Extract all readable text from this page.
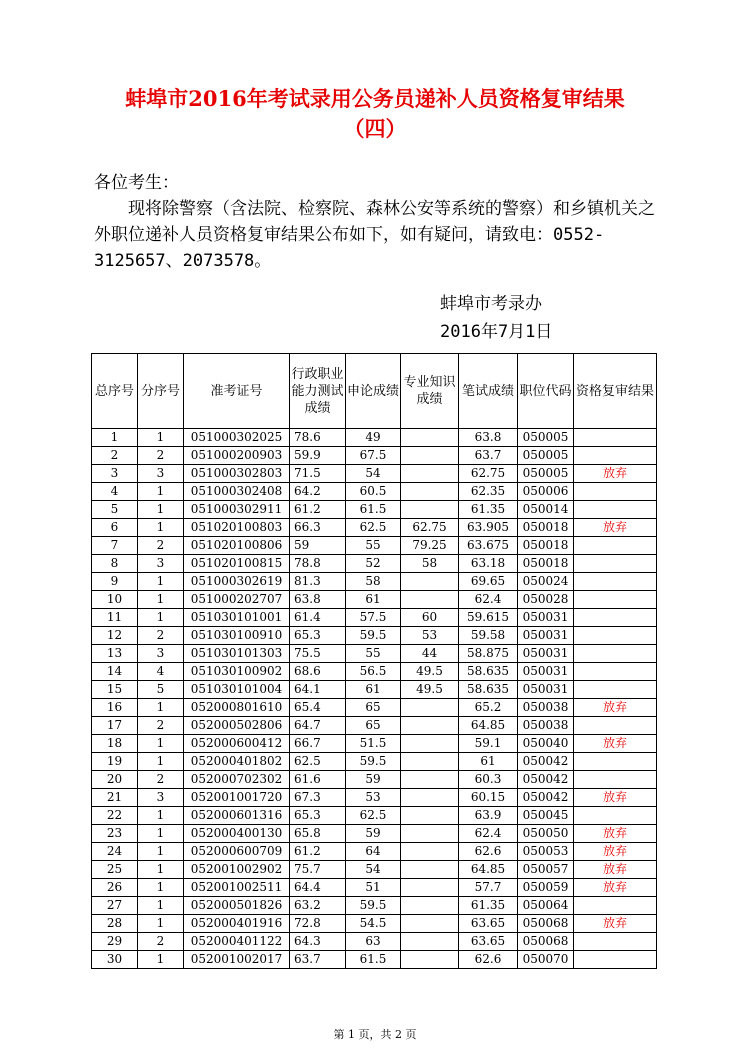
蚌埠市2016年考试录用公务员递补人员资格复审结果
（四）

各位考生：

现将除警察（含法院、检察院、森林公安等系统的警察）和乡镇机关之外职位递补人员资格复审结果公布如下，如有疑问，请致电：0552-3125657、2073578。

蚌埠市考录办
2016年7月1日
总序号	分序号	准考证号	行政职业能力测试成绩	申论成绩	专业知识成绩	笔试成绩	职位代码	资格复审结果
1	1	051000302025	78.6	49		63.8	050005	
2	2	051000200903	59.9	67.5		63.7	050005	
3	3	051000302803	71.5	54		62.75	050005	放弃
4	1	051000302408	64.2	60.5		62.35	050006	
5	1	051000302911	61.2	61.5		61.35	050014	
6	1	051020100803	66.3	62.5	62.75	63.905	050018	放弃
7	2	051020100806	59	55	79.25	63.675	050018	
8	3	051020100815	78.8	52	58	63.18	050018	
9	1	051000302619	81.3	58		69.65	050024	
10	1	051000202707	63.8	61		62.4	050028	
11	1	051030101001	61.4	57.5	60	59.615	050031	
12	2	051030100910	65.3	59.5	53	59.58	050031	
13	3	051030101303	75.5	55	44	58.875	050031	
14	4	051030100902	68.6	56.5	49.5	58.635	050031	
15	5	051030101004	64.1	61	49.5	58.635	050031	
16	1	052000801610	65.4	65		65.2	050038	放弃
17	2	052000502806	64.7	65		64.85	050038	
18	1	052000600412	66.7	51.5		59.1	050040	放弃
19	1	052000401802	62.5	59.5		61	050042	
20	2	052000702302	61.6	59		60.3	050042	
21	3	052001001720	67.3	53		60.15	050042	放弃
22	1	052000601316	65.3	62.5		63.9	050045	
23	1	052000400130	65.8	59		62.4	050050	放弃
24	1	052000600709	61.2	64		62.6	050053	放弃
25	1	052001002902	75.7	54		64.85	050057	放弃
26	1	052001002511	64.4	51		57.7	050059	放弃
27	1	052000501826	63.2	59.5		61.35	050064	
28	1	052000401916	72.8	54.5		63.65	050068	放弃
29	2	052000401122	64.3	63		63.65	050068	
30	1	052001002017	63.7	61.5		62.6	050070	
第 1 页，共 2 页
